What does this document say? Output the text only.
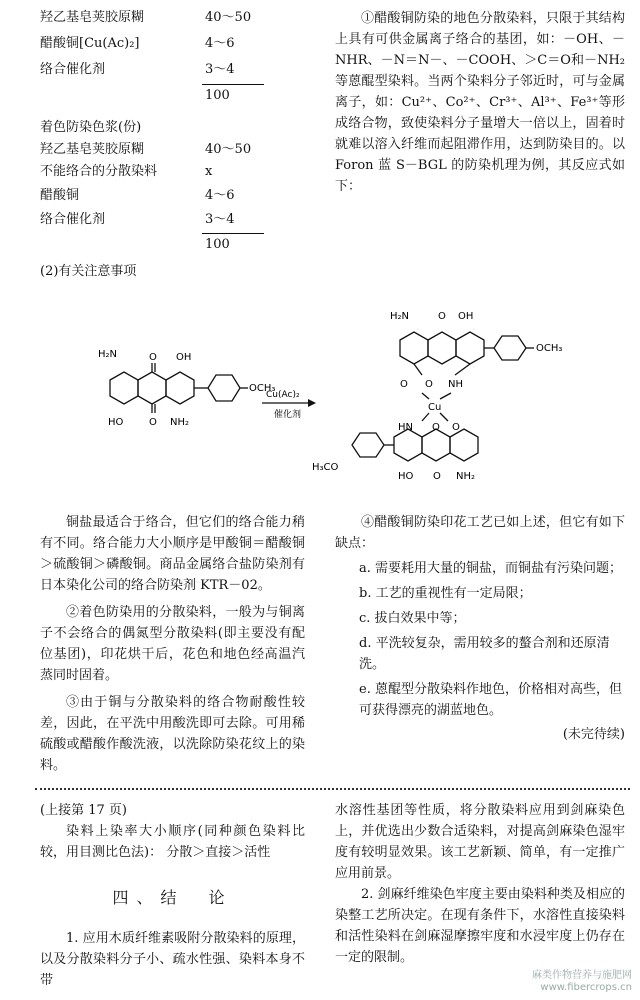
羟乙基皂荚胶原糊	40～50
醋酸铜[Cu(Ac)₂]	4～6
络合催化剂	3～4
100
着色防染色浆(份)
羟乙基皂荚胶原糊	40～50
不能络合的分散染料	x
醋酸铜	4～6
络合催化剂	3～4
100
(2)有关注意事项

①醋酸铜防染的地色分散染料，只限于其结构上具有可供金属离子络合的基团，如：－OH、－NHR、－N＝N－、－COOH、＞C＝O和－NH₂等蒽醌型染料。当两个染料分子邻近时，可与金属离子，如：Cu²⁺、Co²⁺、Cr³⁺、Al³⁺、Fe³⁺等形成络合物，致使染料分子量增大一倍以上，固着时就难以溶入纤维而起阻滞作用，达到防染目的。以 Foron 蓝 S－BGL 的防染机理为例，其反应式如下：

H₂N	O OH
OCH₃
HO	O NH₂
Cu(Ac)₂
催化剂
H₂N	O OH
OCH₃
O O NH
Cu
HN O O
H₃CO
HO O NH₂

铜盐最适合于络合，但它们的络合能力稍有不同。络合能力大小顺序是甲酸铜＝醋酸铜＞硫酸铜＞磷酸铜。商品金属络合盐防染剂有日本染化公司的络合防染剂 KTR－02。

②着色防染用的分散染料，一般为与铜离子不会络合的偶氮型分散染料(即主要没有配位基团)，印花烘干后，花色和地色经高温汽蒸同时固着。

③由于铜与分散染料的络合物耐酸性较差，因此，在平洗中用酸洗即可去除。可用稀硫酸或醋酸作酸洗液，以洗除防染花纹上的染料。

④醋酸铜防染印花工艺已如上述，但它有如下缺点：

a. 需要耗用大量的铜盐，而铜盐有污染问题；

b. 工艺的重视性有一定局限；

c. 拔白效果中等；

d. 平洗较复杂，需用较多的螯合剂和还原清洗。

e. 蒽醌型分散染料作地色，价格相对高些，但可获得漂亮的湖蓝地色。

(未完待续)
(上接第 17 页)

染料上染率大小顺序(同种颜色染料比较，用目测比色法)： 分散＞直接＞活性

四、结　论

1. 应用木质纤维素吸附分散染料的原理，以及分散染料分子小、疏水性强、染料本身不带

水溶性基团等性质，将分散染料应用到剑麻染色上，并优选出少数合适染料，对提高剑麻染色湿牢度有较明显效果。该工艺新颖、简单，有一定推广应用前景。

2. 剑麻纤维染色牢度主要由染料种类及相应的染整工艺所决定。在现有条件下，水溶性直接染料和活性染料在剑麻湿摩擦牢度和水浸牢度上仍存在一定的限制。

麻类作物营养与施肥网
www.fibercrops.cn
